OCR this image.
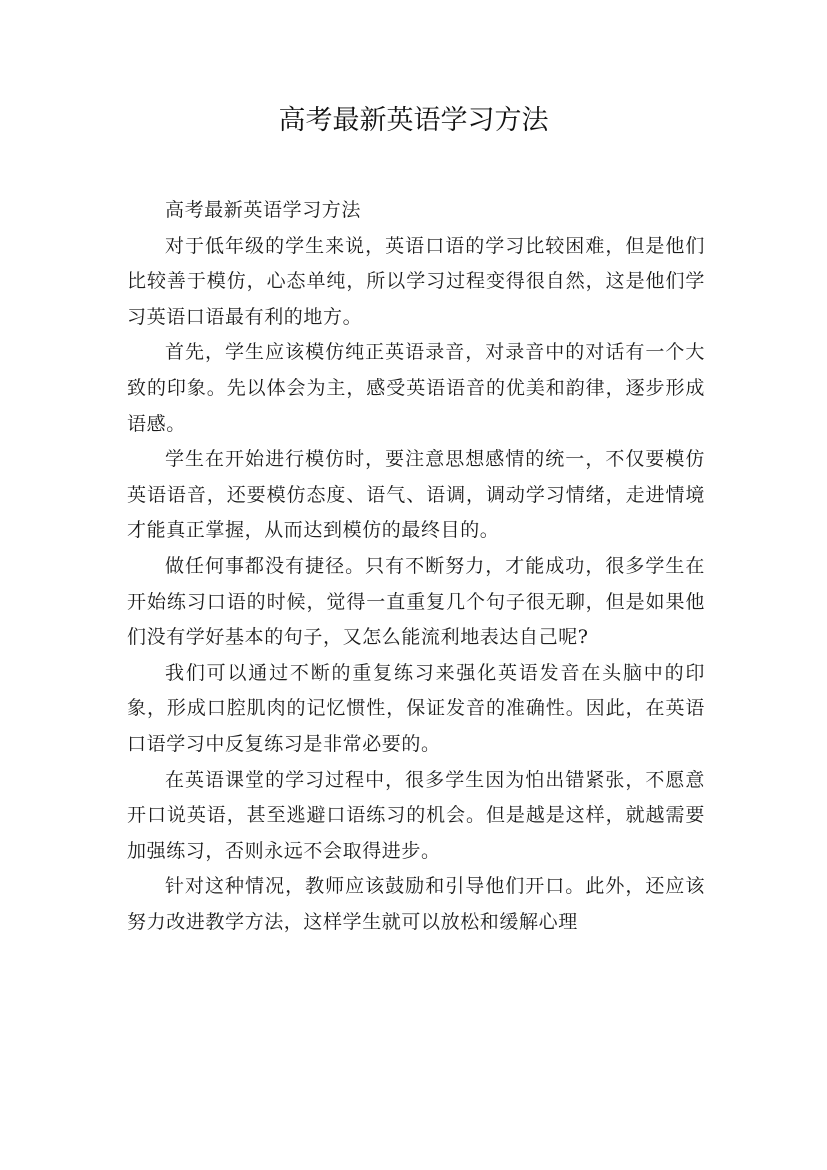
高考最新英语学习方法

高考最新英语学习方法

对于低年级的学生来说，英语口语的学习比较困难，但是他们比较善于模仿，心态单纯，所以学习过程变得很自然，这是他们学习英语口语最有利的地方。

首先，学生应该模仿纯正英语录音，对录音中的对话有一个大致的印象。先以体会为主，感受英语语音的优美和韵律，逐步形成语感。

学生在开始进行模仿时，要注意思想感情的统一，不仅要模仿英语语音，还要模仿态度、语气、语调，调动学习情绪，走进情境才能真正掌握，从而达到模仿的最终目的。

做任何事都没有捷径。只有不断努力，才能成功，很多学生在开始练习口语的时候，觉得一直重复几个句子很无聊，但是如果他们没有学好基本的句子，又怎么能流利地表达自己呢?

我们可以通过不断的重复练习来强化英语发音在头脑中的印象，形成口腔肌肉的记忆惯性，保证发音的准确性。因此，在英语口语学习中反复练习是非常必要的。

在英语课堂的学习过程中，很多学生因为怕出错紧张，不愿意开口说英语，甚至逃避口语练习的机会。但是越是这样，就越需要加强练习，否则永远不会取得进步。

针对这种情况，教师应该鼓励和引导他们开口。此外，还应该努力改进教学方法，这样学生就可以放松和缓解心理
